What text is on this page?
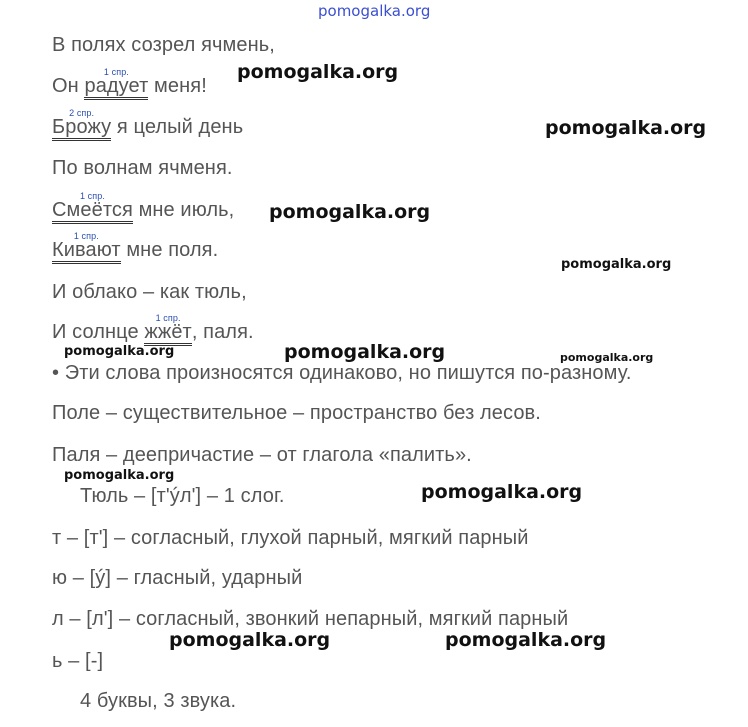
pomogalka.org
В полях созрел ячмень,
Он
1 спр.
радует меня!
2 спр.
Брожу я целый день
По волнам ячменя.
1 спр.
Смеётся мне июль,
1 спр.
Кивают мне поля.
И облако – как тюль,
И солнце
1 спр.
жжёт, паля.
• Эти слова произносятся одинаково, но пишутся по-разному.
Поле – существительное – пространство без лесов.
Паля – деепричастие – от глагола «палить».
Тюль – [т'ýл'] – 1 слог.
т – [т'] – согласный, глухой парный, мягкий парный
ю – [ý] – гласный, ударный
л – [л'] – согласный, звонкий непарный, мягкий парный
ь – [-]
4 буквы, 3 звука.
pomogalka.org
pomogalka.org
pomogalka.org
pomogalka.org
pomogalka.org	pomogalka.org	pomogalka.org
pomogalka.org
pomogalka.org
pomogalka.org	pomogalka.org
